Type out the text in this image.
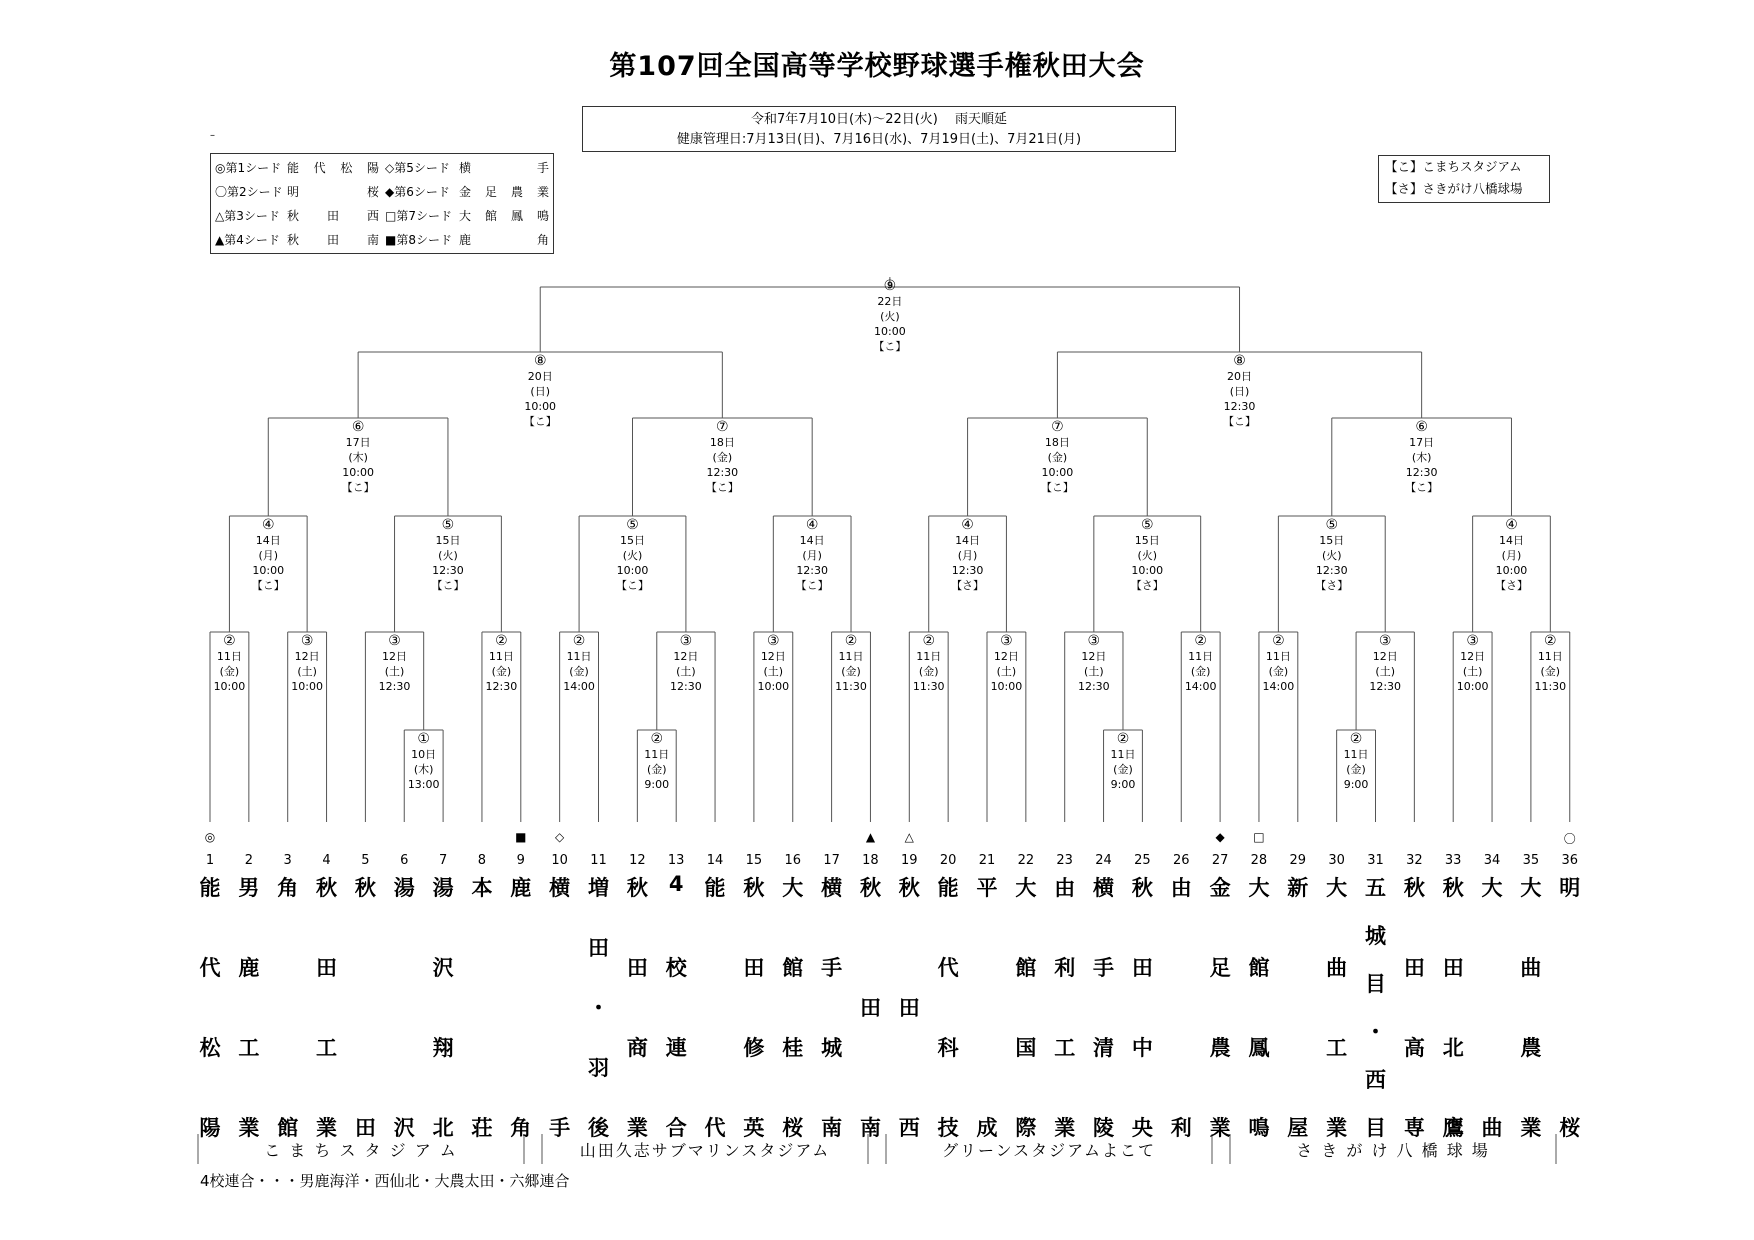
第107回全国高等学校野球選手権秋田大会
令和7年7月10日(木)～22日(火)　 雨天順延
健康管理日:7月13日(日)、7月16日(水)、7月19日(土)、7月21日(月)
–
◎第1シード 能 代 松 陽 ◇第5シード 横	手
〇第2シード 明	桜 ◆第6シード 金 足 農 業
△第3シード 秋 田 西 □第7シード 大 館 鳳 鳴
▲第4シード 秋 田 南 ■第8シード 鹿	角
【こ】こまちスタジアム
【さ】さきがけ八橋球場
①
10日
(木)
13:00
②
11日
(金)
9:00
②
11日
(金)
9:00
②
11日
(金)
9:00
②
11日
(金)
10:00
③
12日
(土)
10:00
③
12日
(土)
12:30
②
11日
(金)
12:30
②
11日
(金)
14:00
③
12日
(土)
12:30
③
12日
(土)
10:00
②
11日
(金)
11:30
②
11日
(金)
11:30
③
12日
(土)
10:00
③
12日
(土)
12:30
②
11日
(金)
14:00
②
11日
(金)
14:00
③
12日
(土)
12:30
③
12日
(土)
10:00
②
11日
(金)
11:30
④
14日
(月)
10:00
【こ】
⑤
15日
(火)
12:30
【こ】
⑤
15日
(火)
10:00
【こ】
④
14日
(月)
12:30
【こ】
④
14日
(月)
12:30
【さ】
⑤
15日
(火)
10:00
【さ】
⑤
15日
(火)
12:30
【さ】
④
14日
(月)
10:00
【さ】
⑥
17日
(木)
10:00
【こ】
⑦
18日
(金)
12:30
【こ】
⑦
18日
(金)
10:00
【こ】
⑥
17日
(木)
12:30
【こ】
⑧
20日
(日)
10:00
【こ】
⑧
20日
(日)
12:30
【こ】
⑨
22日
(火)
10:00
【こ】
◎
1
能
代
松
陽
2
男
鹿
工
業
3
角
館
4
秋
田
工
業
5
秋
田
6
湯
沢
7
湯
沢
翔
北
8
本
荘
■
9
鹿
角
◇
10
横
手
11
増
田
・
羽
後
12
秋
田
商
業
13
4
校
連
合
14
能
代
15
秋
田
修
英
16
大
館
桂
桜
17
横
手
城
南
▲
18
秋
田
南
△
19
秋
田
西
20
能
代
科
技
21
平
成
22
大
館
国
際
23
由
利
工
業
24
横
手
清
陵
25
秋
田
中
央
26
由
利
◆
27
金
足
農
業
□
28
大
館
鳳
鳴
29
新
屋
30
大
曲
工
業
31
五
城
目
・
西
目
32
秋
田
高
専
33
秋
田
北
鷹
34
大
曲
35
大
曲
農
業
〇
36
明
桜
こ ま ち ス タ ジ ア ム	山田久志サブマリンスタジアム	グリーンスタジアムよこて	さ き が け 八 橋 球 場
4校連合・・・男鹿海洋・西仙北・大農太田・六郷連合
